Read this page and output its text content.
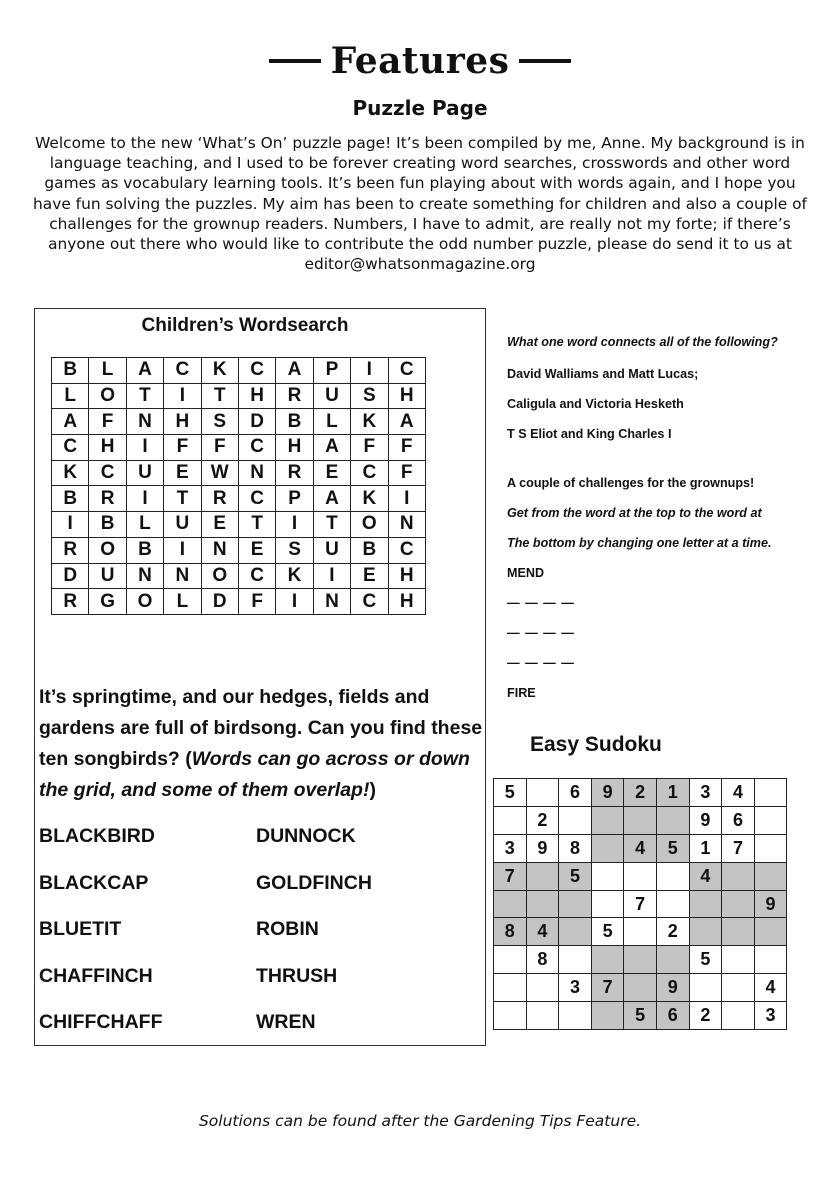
Features
Puzzle Page
Welcome to the new ‘What’s On’ puzzle page! It’s been compiled by me, Anne. My background is in language teaching, and I used to be forever creating word searches, crosswords and other word games as vocabulary learning tools. It’s been fun playing about with words again, and I hope you have fun solving the puzzles. My aim has been to create something for children and also a couple of challenges for the grownup readers. Numbers, I have to admit, are really not my forte; if there’s anyone out there who would like to contribute the odd number puzzle, please do send it to us at editor@whatsonmagazine.org
Children’s Wordsearch
B	L	A	C	K	C	A	P	I	C
L	O	T	I	T	H	R	U	S	H
A	F	N	H	S	D	B	L	K	A
C	H	I	F	F	C	H	A	F	F
K	C	U	E	W	N	R	E	C	F
B	R	I	T	R	C	P	A	K	I
I	B	L	U	E	T	I	T	O	N
R	O	B	I	N	E	S	U	B	C
D	U	N	N	O	C	K	I	E	H
R	G	O	L	D	F	I	N	C	H
It’s springtime, and our hedges, fields and gardens are full of birdsong. Can you find these ten songbirds? (Words can go across or down the grid, and some of them overlap!)
BLACKBIRD
BLACKCAP
BLUETIT
CHAFFINCH
CHIFFCHAFF
DUNNOCK
GOLDFINCH
ROBIN
THRUSH
WREN
What one word connects all of the following?
David Walliams and Matt Lucas;
Caligula and Victoria Hesketh
T S Eliot and King Charles I
A couple of challenges for the grownups!
Get from the word at the top to the word at
The bottom by changing one letter at a time.
MEND
— — — —
— — — —
— — — —
FIRE
Easy Sudoku
5		6	9	2	1	3	4	
	2					9	6	
3	9	8		4	5	1	7	
7		5				4		
				7				9
8	4		5		2			
	8					5		
		3	7		9			4
				5	6	2		3
Solutions can be found after the Gardening Tips Feature.
